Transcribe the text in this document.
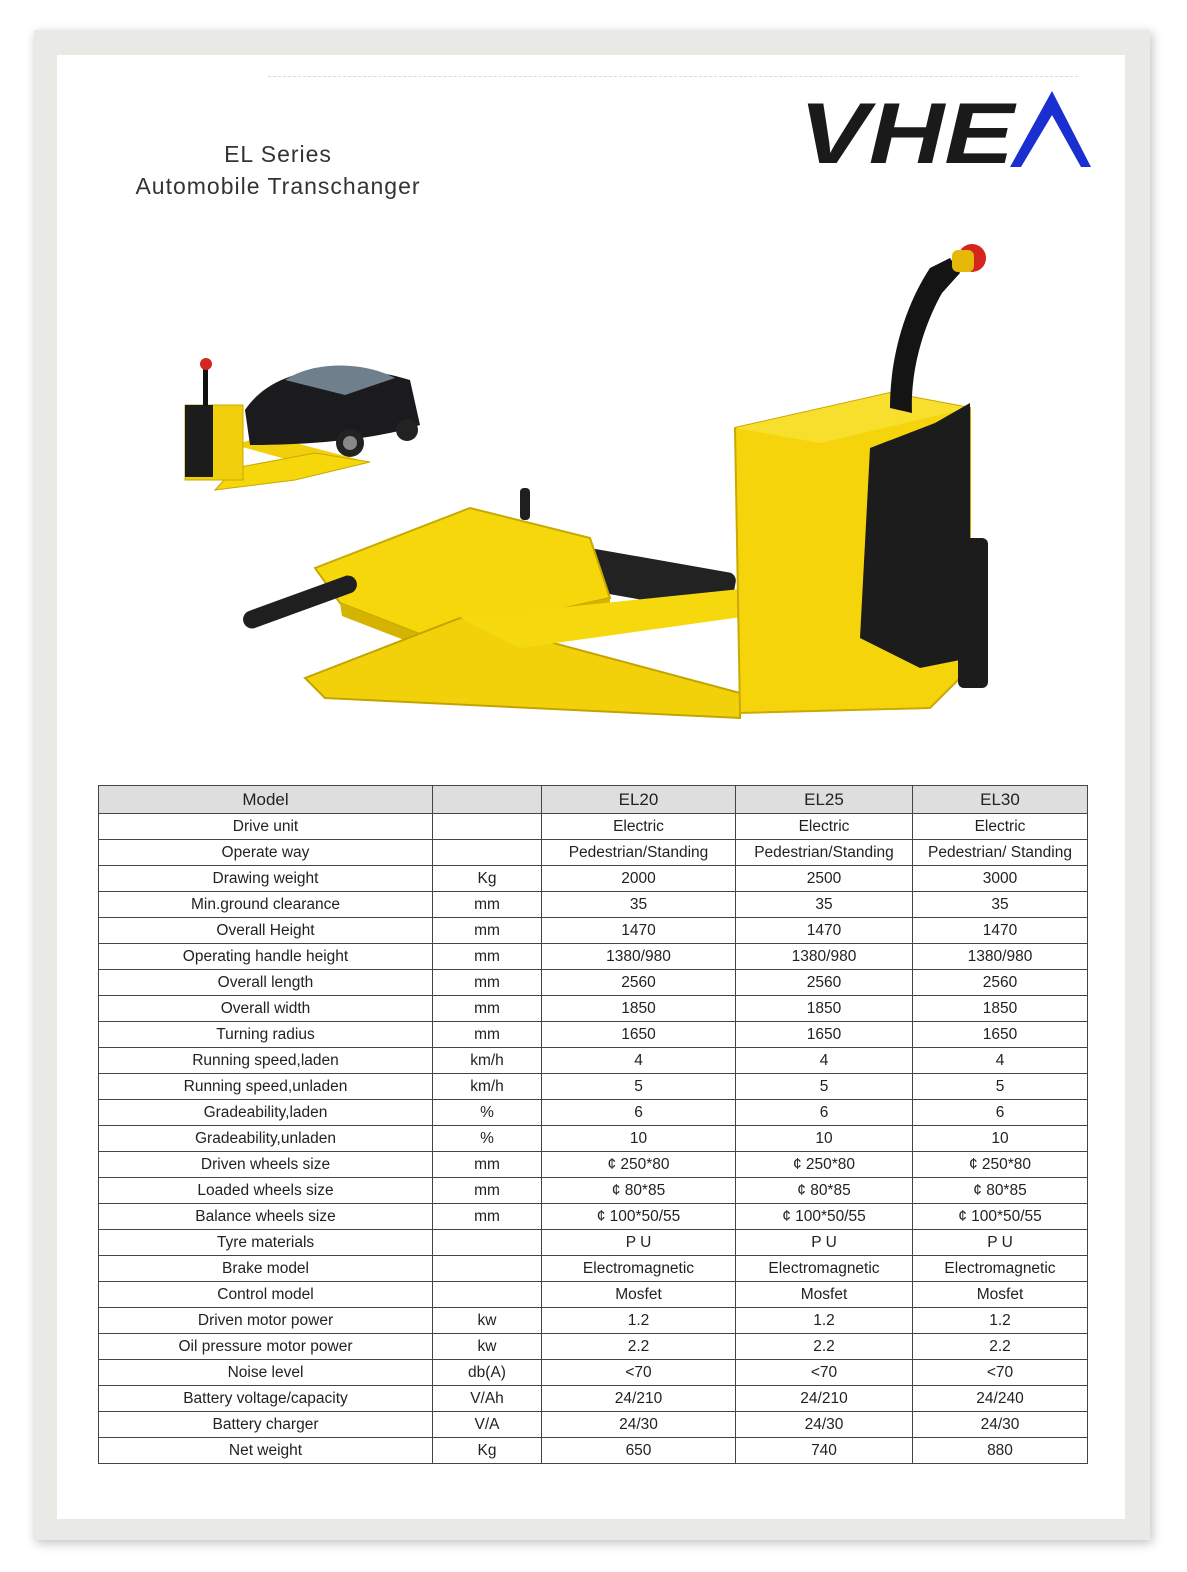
EL Series
Automobile Transchanger
VHE
Model		EL20	EL25	EL30
Drive unit		Electric	Electric	Electric
Operate way		Pedestrian/Standing	Pedestrian/Standing	Pedestrian/ Standing
Drawing weight	Kg	2000	2500	3000
Min.ground clearance	mm	35	35	35
Overall Height	mm	1470	1470	1470
Operating handle height	mm	1380/980	1380/980	1380/980
Overall length	mm	2560	2560	2560
Overall width	mm	1850	1850	1850
Turning radius	mm	1650	1650	1650
Running speed,laden	km/h	4	4	4
Running speed,unladen	km/h	5	5	5
Gradeability,laden	%	6	6	6
Gradeability,unladen	%	10	10	10
Driven wheels size	mm	¢ 250*80	¢ 250*80	¢ 250*80
Loaded wheels size	mm	¢ 80*85	¢ 80*85	¢ 80*85
Balance wheels size	mm	¢ 100*50/55	¢ 100*50/55	¢ 100*50/55
Tyre materials		P U	P U	P U
Brake model		Electromagnetic	Electromagnetic	Electromagnetic
Control model		Mosfet	Mosfet	Mosfet
Driven motor power	kw	1.2	1.2	1.2
Oil pressure motor power	kw	2.2	2.2	2.2
Noise level	db(A)	<70	<70	<70
Battery voltage/capacity	V/Ah	24/210	24/210	24/240
Battery charger	V/A	24/30	24/30	24/30
Net weight	Kg	650	740	880
